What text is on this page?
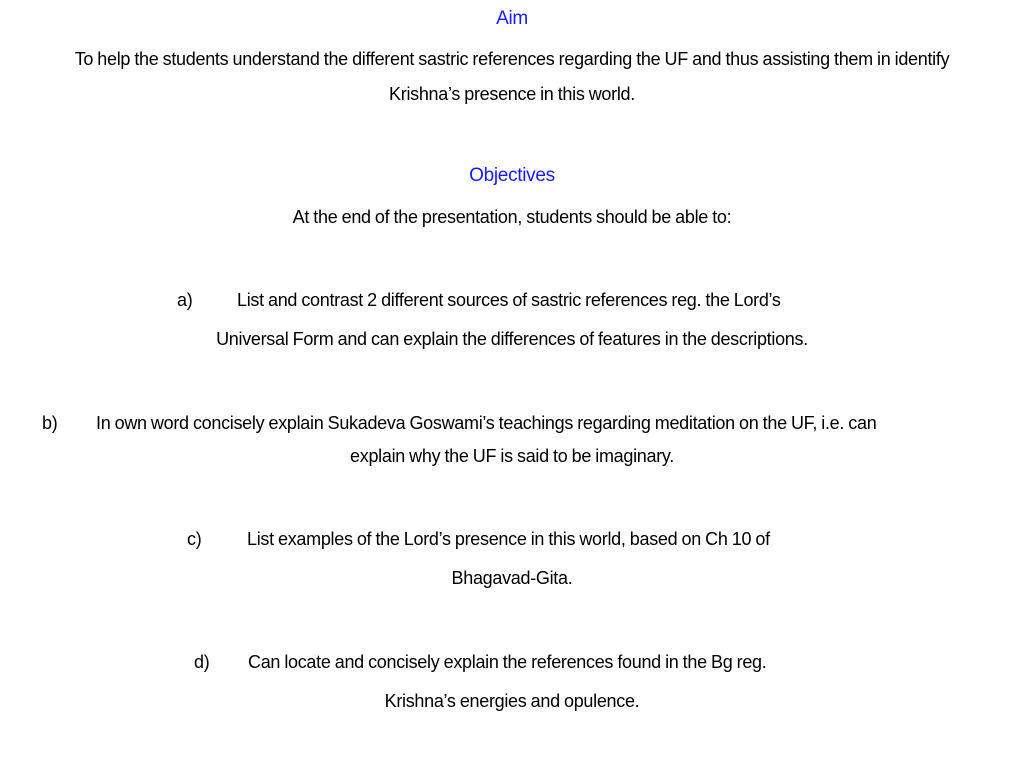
Aim
To help the students understand the different sastric references regarding the UF and thus assisting them in identify
Krishna’s presence in this world.
Objectives
At the end of the presentation, students should be able to:
a) List and contrast 2 different sources of sastric references reg. the Lord’s
Universal Form and can explain the differences of features in the descriptions.
b) In own word concisely explain Sukadeva Goswami’s teachings regarding meditation on the UF, i.e. can
explain why the UF is said to be imaginary.
c)	List examples of the Lord’s presence in this world, based on Ch 10 of
Bhagavad-Gita.
d) Can locate and concisely explain the references found in the Bg reg.
Krishna’s energies and opulence.
